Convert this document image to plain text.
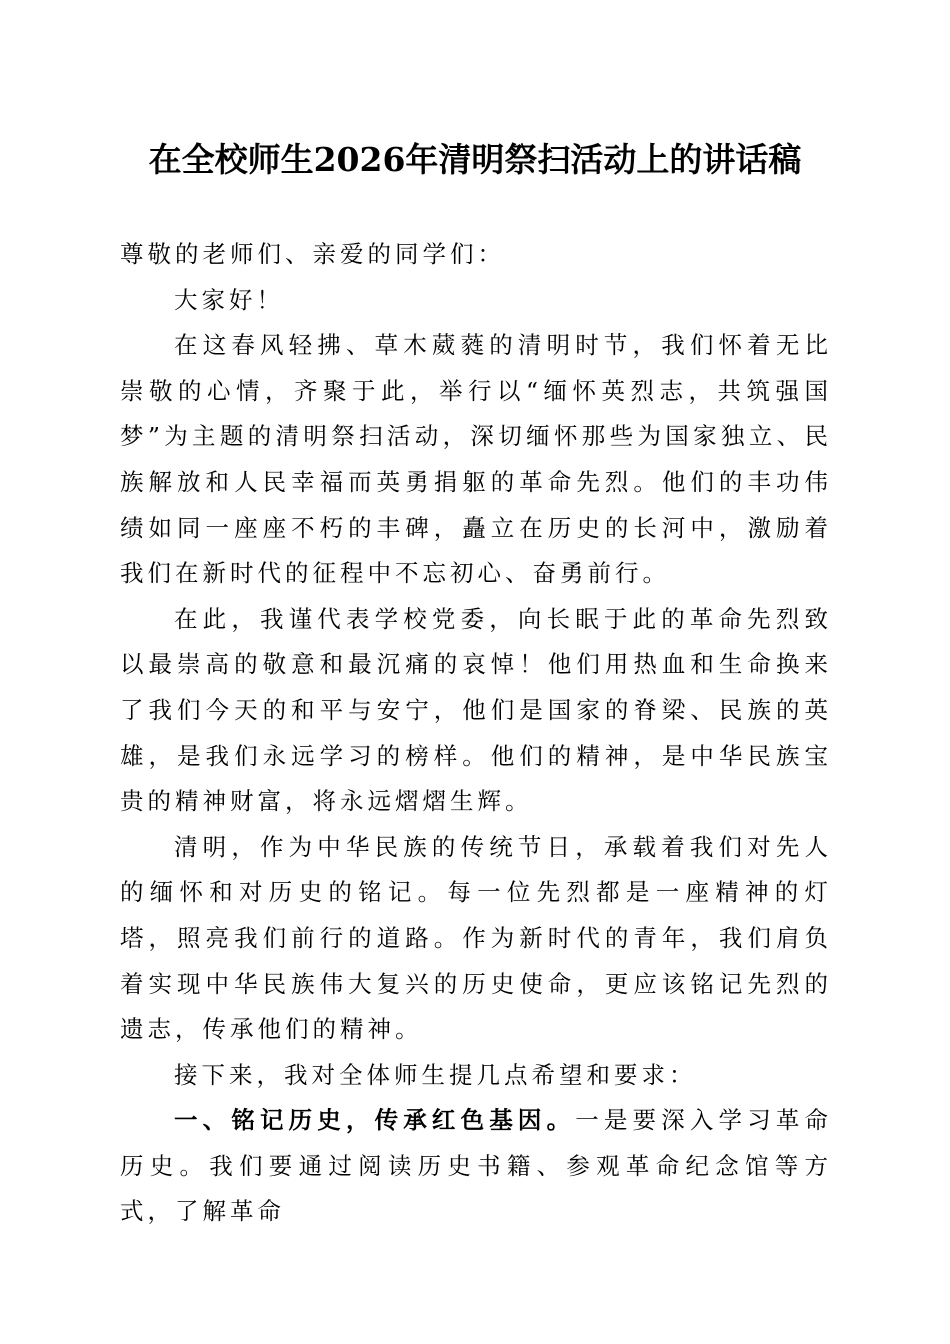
在全校师生2026年清明祭扫活动上的讲话稿

尊敬的老师们、亲爱的同学们：

大家好！

在这春风轻拂、草木葳蕤的清明时节，我们怀着无比崇敬的心情，齐聚于此，举行以“缅怀英烈志，共筑强国梦”为主题的清明祭扫活动，深切缅怀那些为国家独立、民族解放和人民幸福而英勇捐躯的革命先烈。他们的丰功伟绩如同一座座不朽的丰碑，矗立在历史的长河中，激励着我们在新时代的征程中不忘初心、奋勇前行。

在此，我谨代表学校党委，向长眠于此的革命先烈致以最崇高的敬意和最沉痛的哀悼！他们用热血和生命换来了我们今天的和平与安宁，他们是国家的脊梁、民族的英雄，是我们永远学习的榜样。他们的精神，是中华民族宝贵的精神财富，将永远熠熠生辉。

清明，作为中华民族的传统节日，承载着我们对先人的缅怀和对历史的铭记。每一位先烈都是一座精神的灯塔，照亮我们前行的道路。作为新时代的青年，我们肩负着实现中华民族伟大复兴的历史使命，更应该铭记先烈的遗志，传承他们的精神。

接下来，我对全体师生提几点希望和要求：

一、铭记历史，传承红色基因。一是要深入学习革命历史。我们要通过阅读历史书籍、参观革命纪念馆等方式，了解革命
